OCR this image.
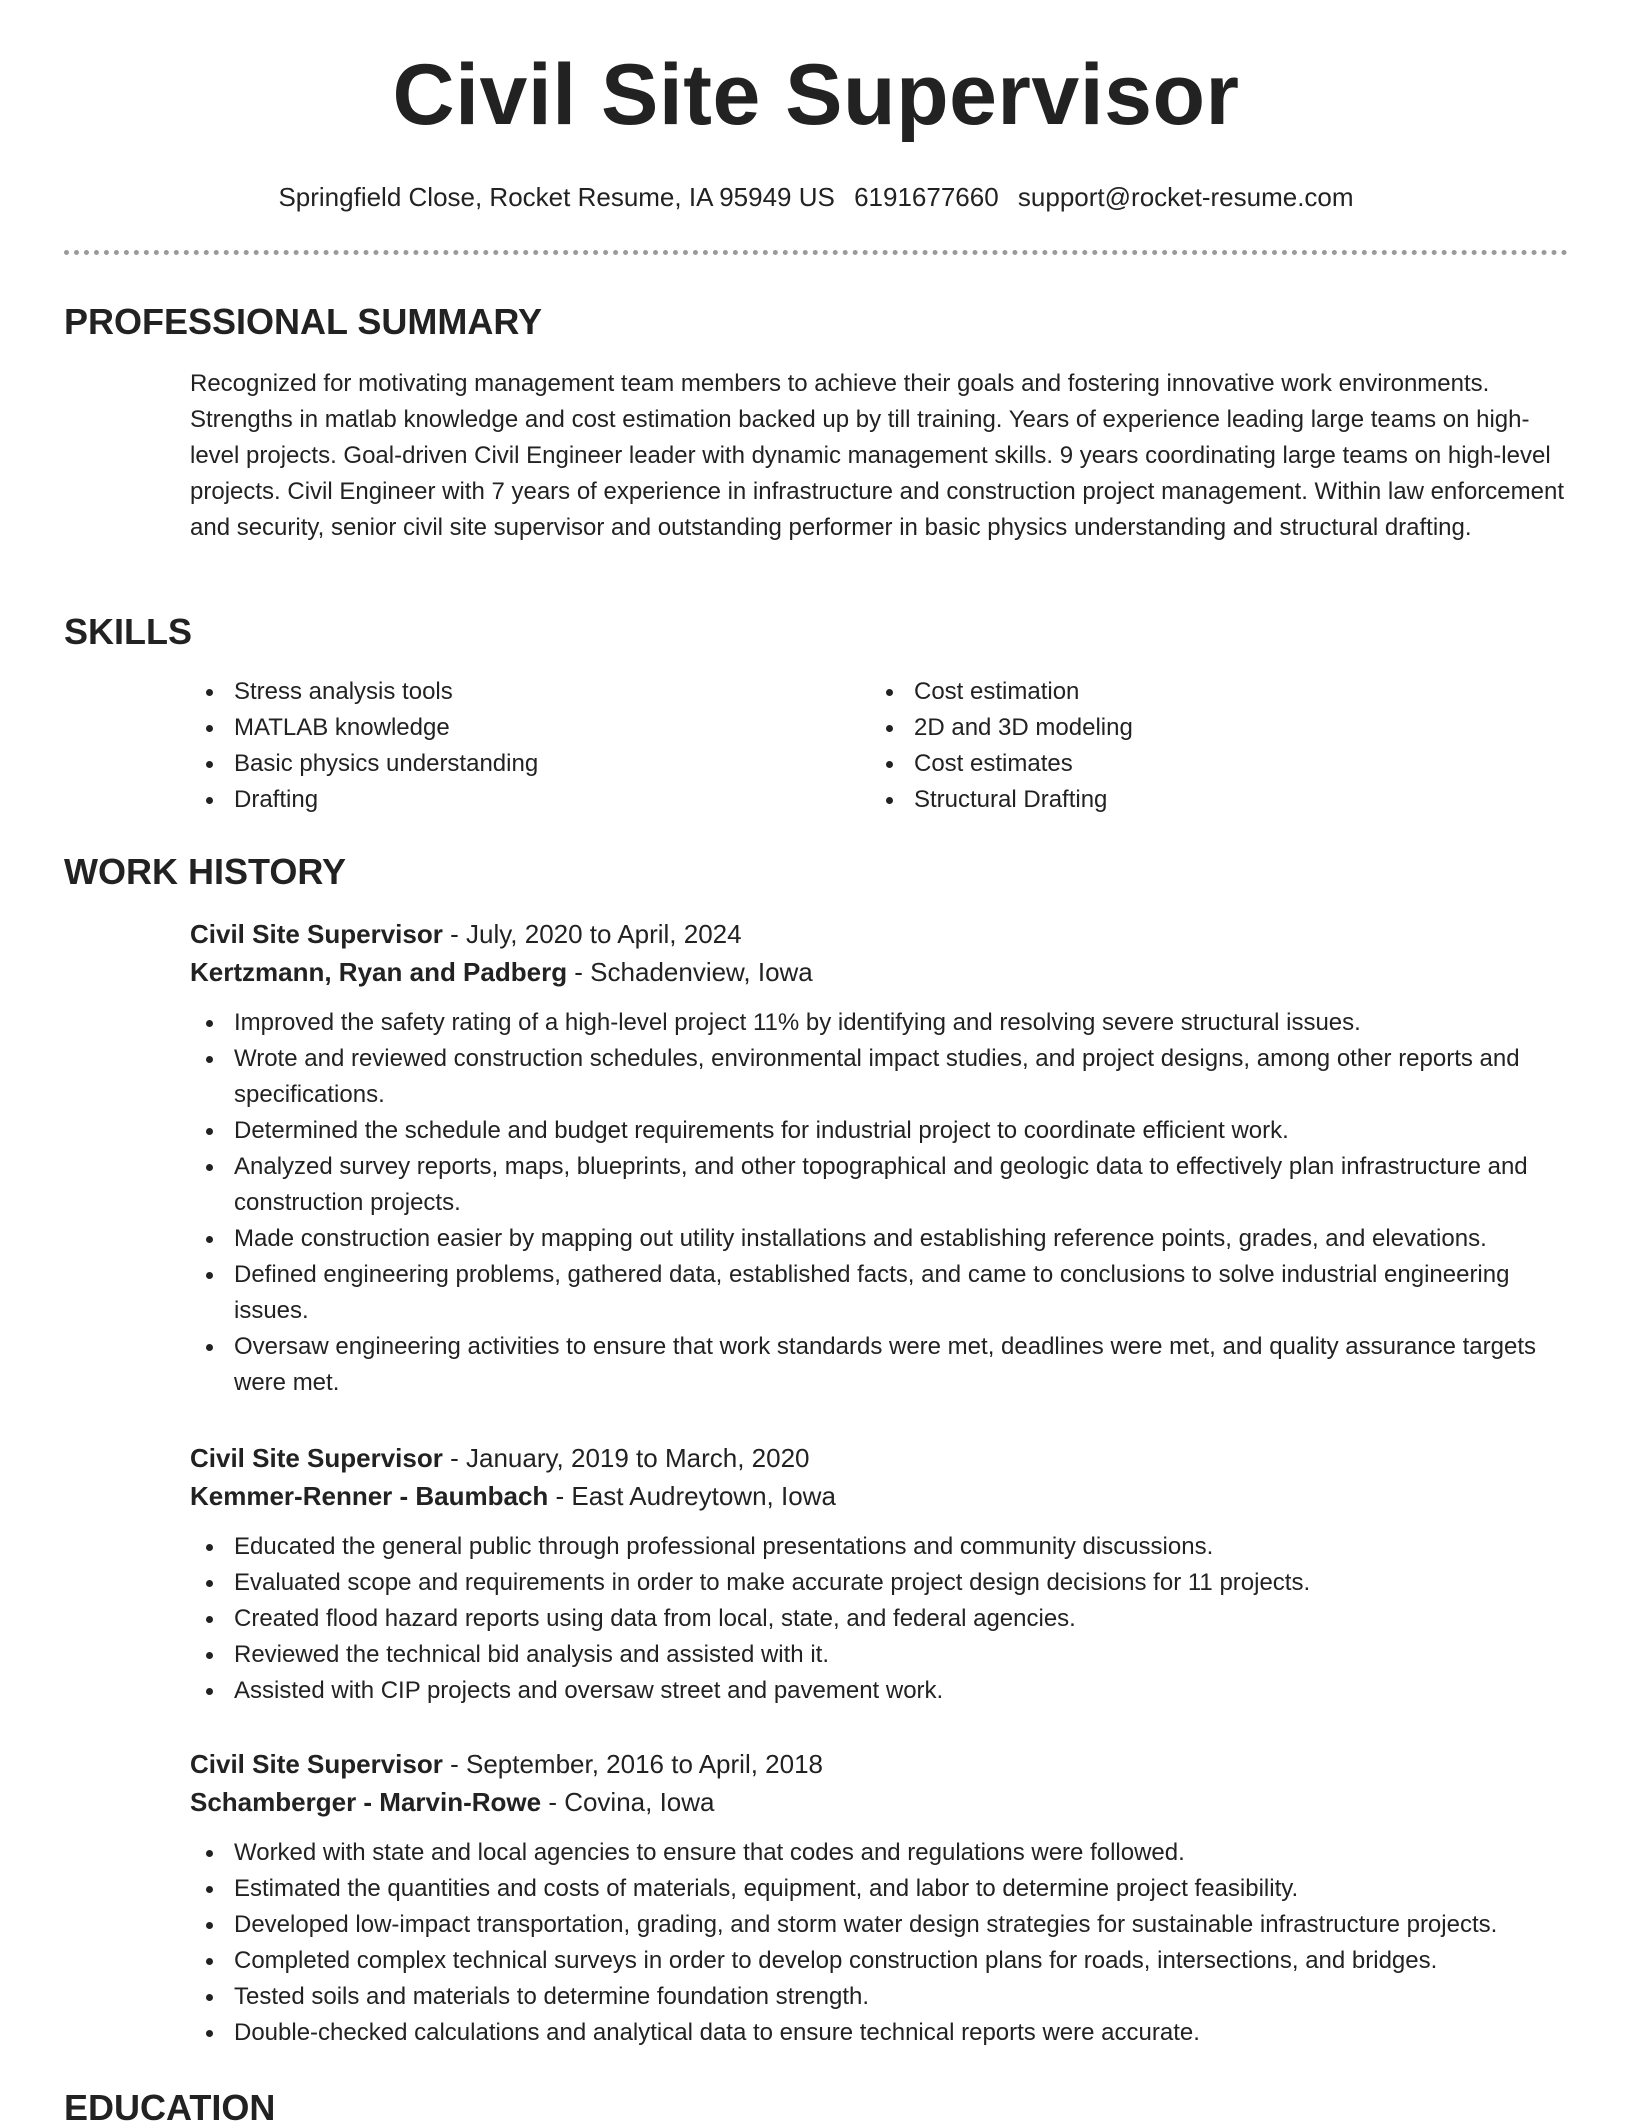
Civil Site Supervisor
Springfield Close, Rocket Resume, IA 95949 US 6191677660 support@rocket-resume.com
PROFESSIONAL SUMMARY

Recognized for motivating management team members to achieve their goals and fostering innovative work environments. Strengths in matlab knowledge and cost estimation backed up by till training. Years of experience leading large teams on high-level projects. Goal-driven Civil Engineer leader with dynamic management skills. 9 years coordinating large teams on high-level projects. Civil Engineer with 7 years of experience in infrastructure and construction project management. Within law enforcement and security, senior civil site supervisor and outstanding performer in basic physics understanding and structural drafting.

SKILLS
Stress analysis tools
MATLAB knowledge
Basic physics understanding
Drafting
Cost estimation
2D and 3D modeling
Cost estimates
Structural Drafting
WORK HISTORY
Civil Site Supervisor - July, 2020 to April, 2024
Kertzmann, Ryan and Padberg - Schadenview, Iowa
Improved the safety rating of a high-level project 11% by identifying and resolving severe structural issues.
Wrote and reviewed construction schedules, environmental impact studies, and project designs, among other reports and specifications.
Determined the schedule and budget requirements for industrial project to coordinate efficient work.
Analyzed survey reports, maps, blueprints, and other topographical and geologic data to effectively plan infrastructure and construction projects.
Made construction easier by mapping out utility installations and establishing reference points, grades, and elevations.
Defined engineering problems, gathered data, established facts, and came to conclusions to solve industrial engineering issues.
Oversaw engineering activities to ensure that work standards were met, deadlines were met, and quality assurance targets were met.
Civil Site Supervisor - January, 2019 to March, 2020
Kemmer-Renner - Baumbach - East Audreytown, Iowa
Educated the general public through professional presentations and community discussions.
Evaluated scope and requirements in order to make accurate project design decisions for 11 projects.
Created flood hazard reports using data from local, state, and federal agencies.
Reviewed the technical bid analysis and assisted with it.
Assisted with CIP projects and oversaw street and pavement work.
Civil Site Supervisor - September, 2016 to April, 2018
Schamberger - Marvin-Rowe - Covina, Iowa
Worked with state and local agencies to ensure that codes and regulations were followed.
Estimated the quantities and costs of materials, equipment, and labor to determine project feasibility.
Developed low-impact transportation, grading, and storm water design strategies for sustainable infrastructure projects.
Completed complex technical surveys in order to develop construction plans for roads, intersections, and bridges.
Tested soils and materials to determine foundation strength.
Double-checked calculations and analytical data to ensure technical reports were accurate.
EDUCATION
